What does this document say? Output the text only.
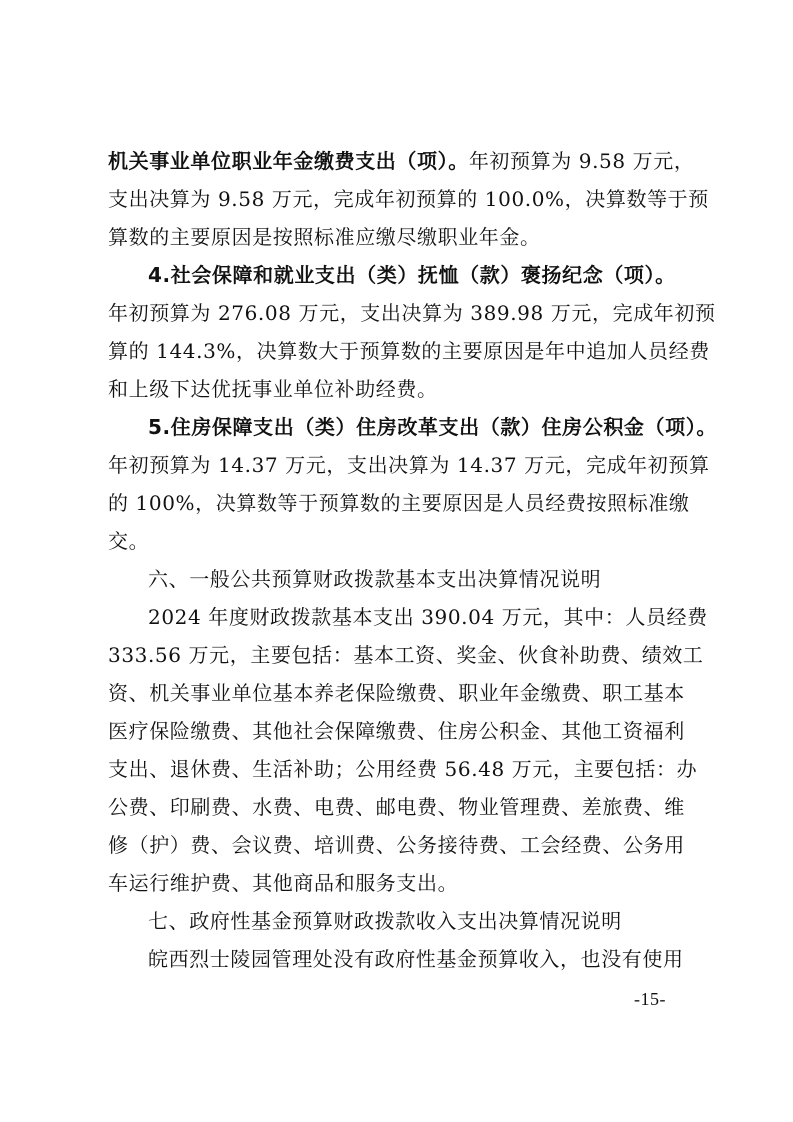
机关事业单位职业年金缴费支出（项）。年初预算为 9.58 万元，
支出决算为 9.58 万元，完成年初预算的 100.0%，决算数等于预
算数的主要原因是按照标准应缴尽缴职业年金。
4.社会保障和就业支出（类）抚恤（款）褒扬纪念（项）。
年初预算为 276.08 万元，支出决算为 389.98 万元，完成年初预
算的 144.3%，决算数大于预算数的主要原因是年中追加人员经费
和上级下达优抚事业单位补助经费。
5.住房保障支出（类）住房改革支出（款）住房公积金（项）。
年初预算为 14.37 万元，支出决算为 14.37 万元，完成年初预算
的 100%，决算数等于预算数的主要原因是人员经费按照标准缴
交。
六、一般公共预算财政拨款基本支出决算情况说明
2024 年度财政拨款基本支出 390.04 万元，其中：人员经费
333.56 万元，主要包括：基本工资、奖金、伙食补助费、绩效工
资、机关事业单位基本养老保险缴费、职业年金缴费、职工基本
医疗保险缴费、其他社会保障缴费、住房公积金、其他工资福利
支出、退休费、生活补助；公用经费 56.48 万元，主要包括：办
公费、印刷费、水费、电费、邮电费、物业管理费、差旅费、维
修（护）费、会议费、培训费、公务接待费、工会经费、公务用
车运行维护费、其他商品和服务支出。
七、政府性基金预算财政拨款收入支出决算情况说明
皖西烈士陵园管理处没有政府性基金预算收入，也没有使用
-15-
